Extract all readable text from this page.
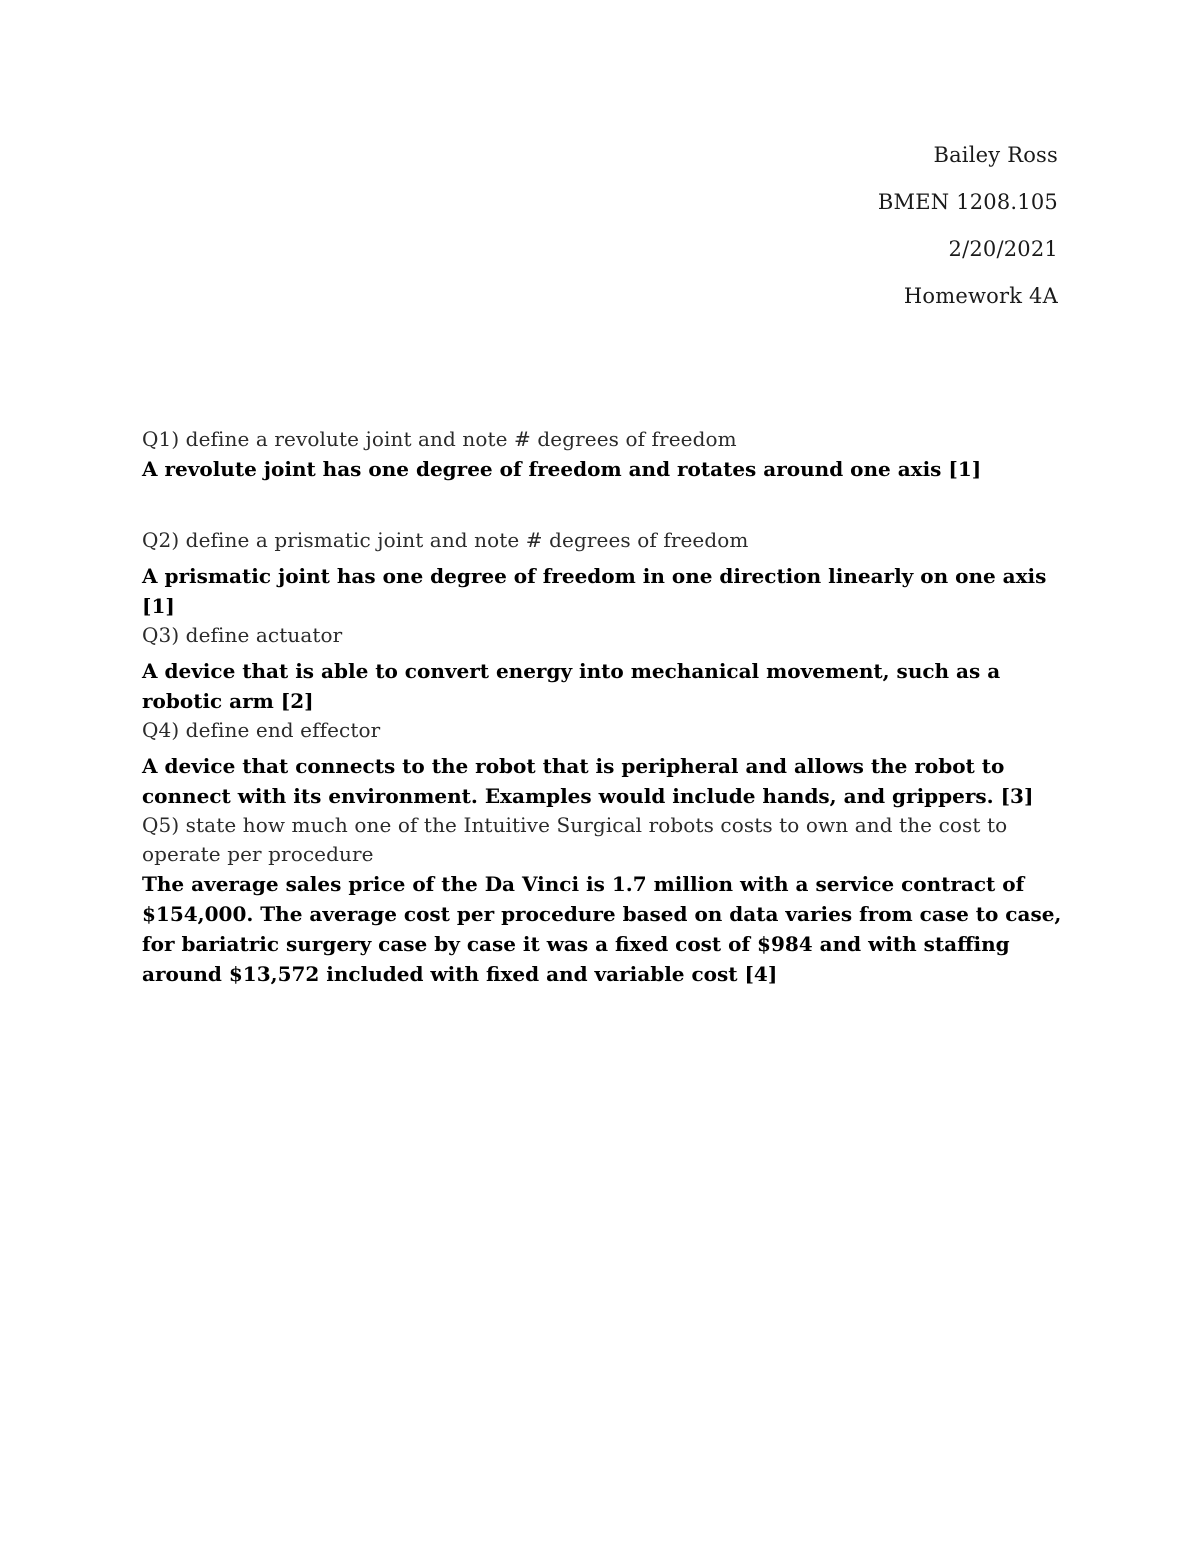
Bailey Ross
BMEN 1208.105
2/20/2021
Homework 4A
Q1) define a revolute joint and note # degrees of freedom
A revolute joint has one degree of freedom and rotates around one axis [1]
Q2) define a prismatic joint and note # degrees of freedom
A prismatic joint has one degree of freedom in one direction linearly on one axis [1]
Q3) define actuator
A device that is able to convert energy into mechanical movement, such as a robotic arm [2]
Q4) define end effector
A device that connects to the robot that is peripheral and allows the robot to connect with its environment. Examples would include hands, and grippers. [3]
Q5) state how much one of the Intuitive Surgical robots costs to own and the cost to operate per procedure
The average sales price of the Da Vinci is 1.7 million with a service contract of $154,000. The average cost per procedure based on data varies from case to case, for bariatric surgery case by case it was a fixed cost of $984 and with staffing around $13,572 included with fixed and variable cost [4]
